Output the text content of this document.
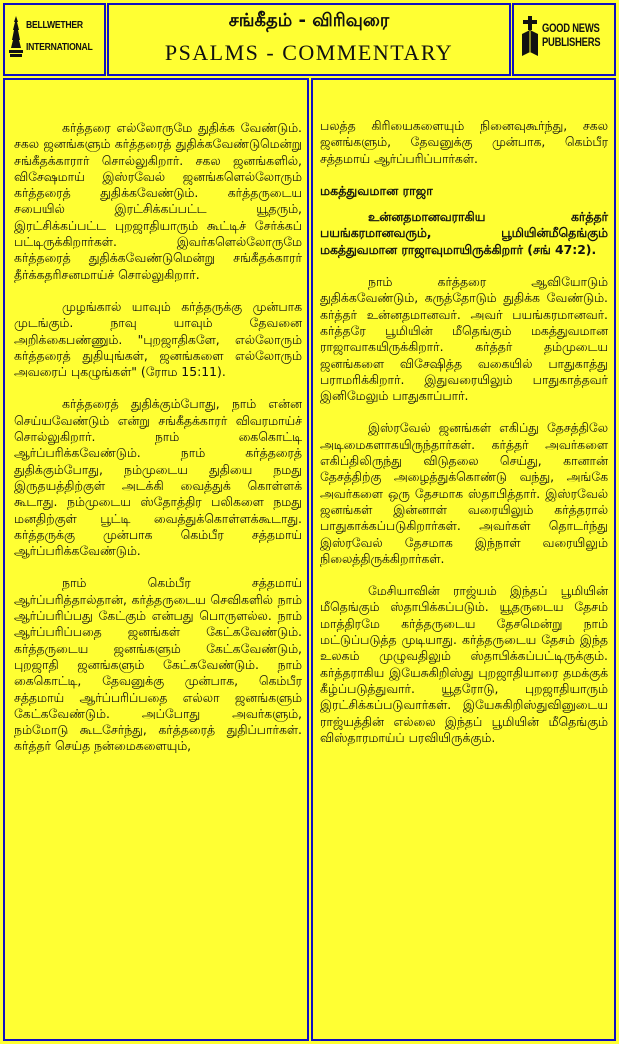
BELLWETHER
INTERNATIONAL
சங்கீதம் - விரிவுரை
PSALMS - COMMENTARY
GOOD NEWS
PUBLISHERS

கர்த்தரை எல்லோருமே துதிக்க வேண்டும். சகல ஜனங்களும் கர்த்தரைத் துதிக்கவேண்டுமென்று சங்கீதக்காரார் சொல்லுகிறார். சகல ஜனங்களில், விசேஷமாய் இஸ்ரவேல் ஜனங்களெல்லோரும் கர்த்தரைத் துதிக்கவேண்டும். கர்த்தருடைய சபையில் இரட்சிக்கப்பட்ட யூதரும், இரட்சிக்கப்பட்ட புறஜாதியாரும் கூட்டிச் சேர்க்கப் பட்டிருக்கிறார்கள். இவர்களெல்லோருமே கர்த்தரைத் துதிக்கவேண்டுமென்று சங்கீதக்காரர் தீர்க்கதரிசனமாய்ச் சொல்லுகிறார்.

முழங்கால் யாவும் கர்த்தருக்கு முன்பாக முடங்கும். நாவு யாவும் தேவனை அறிக்கைபண்ணும். "புறஜாதிகளே, எல்லோரும் கர்த்தரைத் துதியுங்கள், ஜனங்களை எல்லோரும் அவரைப் புகழுங்கள்" (ரோம 15:11).

கர்த்தரைத் துதிக்கும்போது, நாம் என்ன செய்யவேண்டும் என்று சங்கீதக்காரர் விவரமாய்ச் சொல்லுகிறார். நாம் கைகொட்டி ஆர்ப்பரிக்கவேண்டும். நாம் கர்த்தரைத் துதிக்கும்போது, நம்முடைய துதியை நமது இருதயத்திற்குள் அடக்கி வைத்துக் கொள்ளக் கூடாது. நம்முடைய ஸ்தோத்திர பலிகளை நமது மனதிற்குள் பூட்டி வைத்துக்கொள்ளக்கூடாது. கர்த்தருக்கு முன்பாக கெம்பீர சத்தமாய் ஆர்ப்பரிக்கவேண்டும்.

நாம் கெம்பீர சத்தமாய் ஆர்ப்பரித்தால்தான், கர்த்தருடைய செவிகளில் நாம் ஆர்ப்பரிப்பது கேட்கும் என்பது பொருளல்ல. நாம் ஆர்ப்பரிப்பதை ஜனங்கள் கேட்கவேண்டும். கர்த்தருடைய ஜனங்களும் கேட்கவேண்டும், புறஜாதி ஜனங்களும் கேட்கவேண்டும். நாம் கைகொட்டி, தேவனுக்கு முன்பாக, கெம்பீர சத்தமாய் ஆர்ப்பரிப்பதை எல்லா ஜனங்களும் கேட்கவேண்டும். அப்போது அவர்களும், நம்மோடு கூடசேர்ந்து, கர்த்தரைத் துதிப்பார்கள். கர்த்தர் செய்த நன்மைகளையும்,

பலத்த கிரியைகளையும் நினைவுகூர்ந்து, சகல ஜனங்களும், தேவனுக்கு முன்பாக, கெம்பீர சத்தமாய் ஆர்ப்பரிப்பார்கள்.

மகத்துவமான ராஜா

உன்னதமானவராகிய கர்த்தர் பயங்கரமானவரும், பூமியின்மீதெங்கும் மகத்துவமான ராஜாவுமாயிருக்கிறார் (சங் 47:2).

நாம் கர்த்தரை ஆவியோடும் துதிக்கவேண்டும், கருத்தோடும் துதிக்க வேண்டும். கர்த்தர் உன்னதமானவர். அவர் பயங்கரமானவர். கர்த்தரே பூமியின் மீதெங்கும் மகத்துவமான ராஜாவாகயிருக்கிறார். கர்த்தர் தம்முடைய ஜனங்களை விசேஷித்த வகையில் பாதுகாத்து பராமரிக்கிறார். இதுவரையிலும் பாதுகாத்தவர் இனிமேலும் பாதுகாப்பார்.

இஸ்ரவேல் ஜனங்கள் எகிப்து தேசத்திலே அடிமைகளாகயிருந்தார்கள். கர்த்தர் அவர்களை எகிப்திலிருந்து விடுதலை செய்து, கானான் தேசத்திற்கு அழைத்துக்கொண்டு வந்து, அங்கே அவர்களை ஒரு தேசமாக ஸ்தாபித்தார். இஸ்ரவேல் ஜனங்கள் இன்னாள் வரையிலும் கர்த்தரால் பாதுகாக்கப்படுகிறார்கள். அவர்கள் தொடர்ந்து இஸ்ரவேல் தேசமாக இந்நாள் வரையிலும் நிலைத்திருக்கிறார்கள்.

மேசியாவின் ராஜ்யம் இந்தப் பூமியின் மீதெங்கும் ஸ்தாபிக்கப்படும். யூதருடைய தேசம் மாத்திரமே கர்த்தருடைய தேசமென்று நாம் மட்டுப்படுத்த முடியாது. கர்த்தருடைய தேசம் இந்த உலகம் முழுவதிலும் ஸ்தாபிக்கப்பட்டிருக்கும். கர்த்தராகிய இயேசுகிறிஸ்து புறஜாதியாரை தமக்குக் கீழ்ப்படுத்துவார். யூதரோடு, புறஜாதியாரும் இரட்சிக்கப்படுவார்கள். இயேசுகிறிஸ்துவினுடைய ராஜ்யத்தின் எல்லை இந்தப் பூமியின் மீதெங்கும் விஸ்தாரமாய்ப் பரவியிருக்கும்.
